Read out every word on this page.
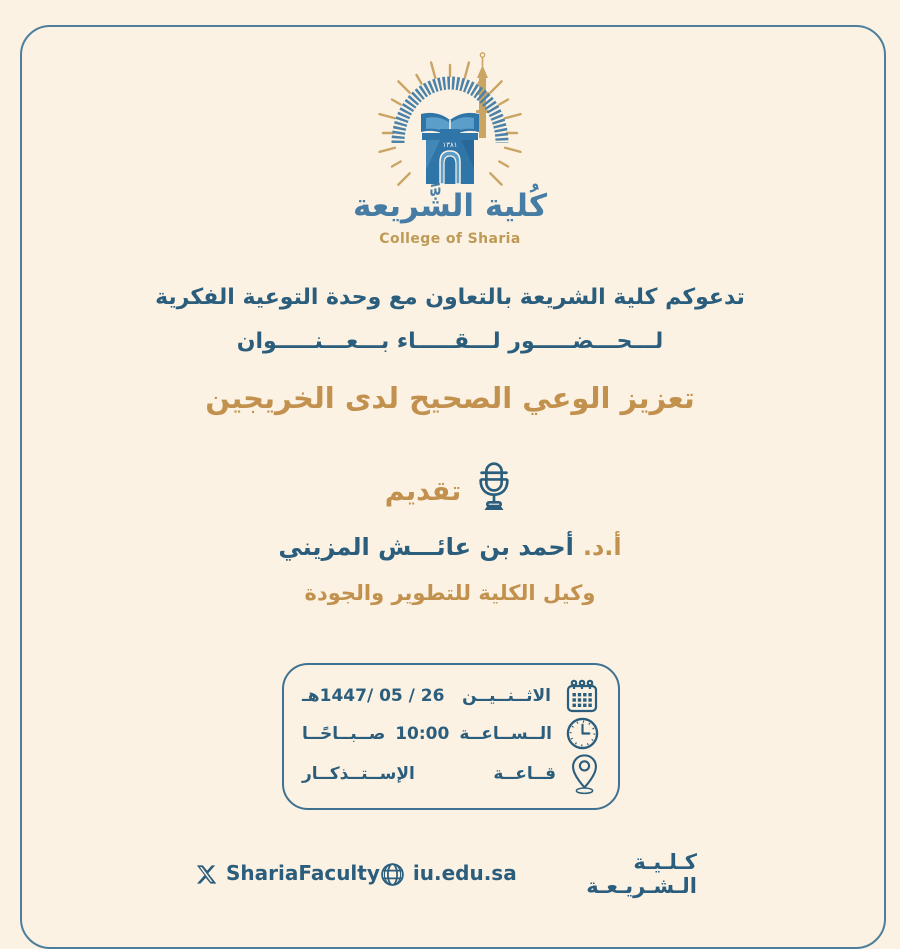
١٣٨١
كُلية الشَّريعة
College of Sharia
تدعوكم كلية الشريعة بالتعاون مع وحدة التوعية الفكرية
لـــحـــضـــــور لـــقـــــاء بـــعـــنـــــوان
تعزيز الوعي الصحيح لدى الخريجين
تقديم
أ.د.
أحمد بن عائـــش المزيني
وكيل الكلية للتطوير والجودة
الاثــنــيــن
26 / 05 /1447هـ
الــســاعــة
10:00
صــبــاحًــا
قــاعــة
الإســتــذكــار
ShariaFaculty iu.edu.sa	كـلـيـة الـشـريـعـة
